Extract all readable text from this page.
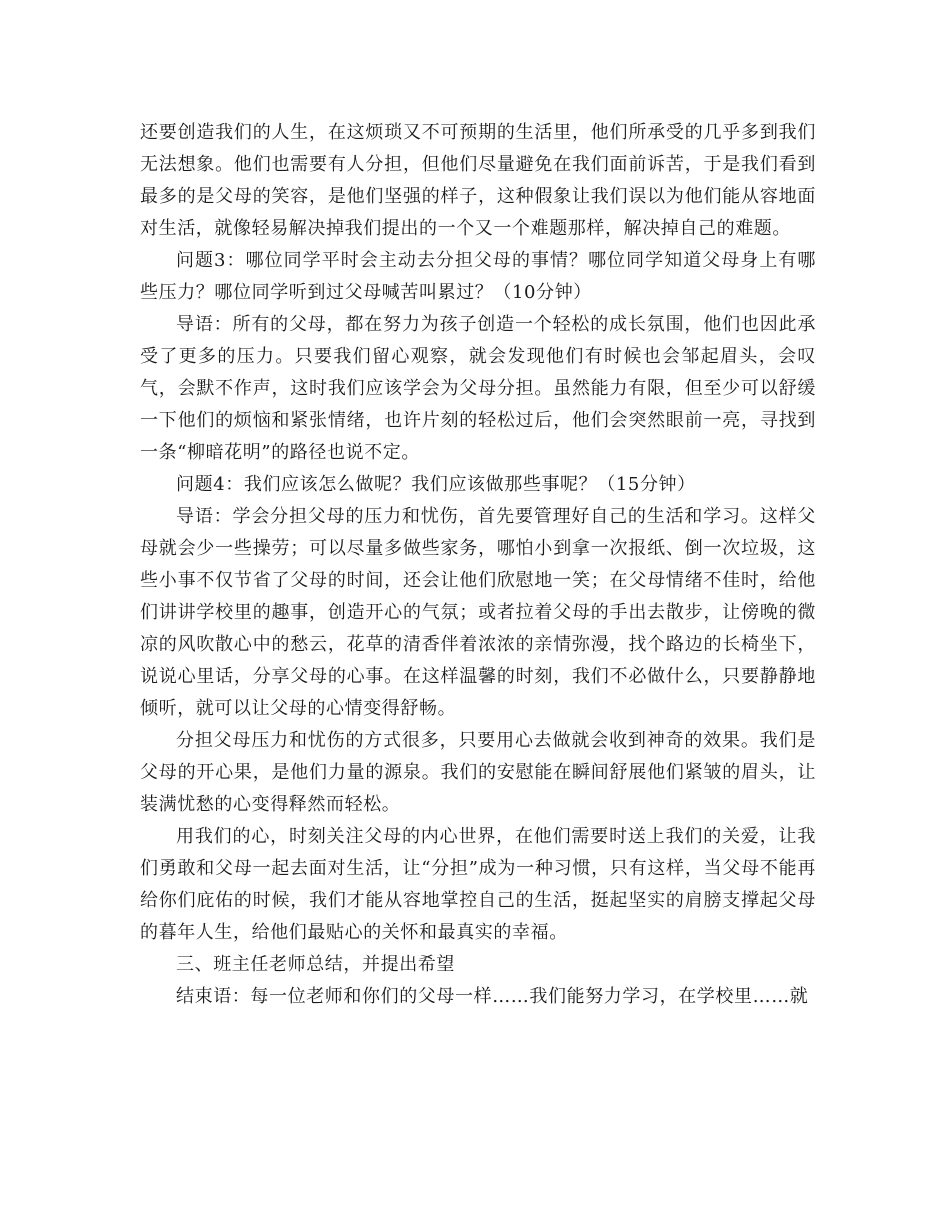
还要创造我们的人生，在这烦琐又不可预期的生活里，他们所承受的几乎多到我们无法想象。他们也需要有人分担，但他们尽量避免在我们面前诉苦，于是我们看到最多的是父母的笑容，是他们坚强的样子，这种假象让我们误以为他们能从容地面对生活，就像轻易解决掉我们提出的一个又一个难题那样，解决掉自己的难题。

问题3：哪位同学平时会主动去分担父母的事情？哪位同学知道父母身上有哪些压力？哪位同学听到过父母喊苦叫累过？（10分钟）

导语：所有的父母，都在努力为孩子创造一个轻松的成长氛围，他们也因此承受了更多的压力。只要我们留心观察，就会发现他们有时候也会邹起眉头，会叹气，会默不作声，这时我们应该学会为父母分担。虽然能力有限，但至少可以舒缓一下他们的烦恼和紧张情绪，也许片刻的轻松过后，他们会突然眼前一亮，寻找到一条“柳暗花明”的路径也说不定。

问题4：我们应该怎么做呢？我们应该做那些事呢？（15分钟）

导语：学会分担父母的压力和忧伤，首先要管理好自己的生活和学习。这样父母就会少一些操劳；可以尽量多做些家务，哪怕小到拿一次报纸、倒一次垃圾，这些小事不仅节省了父母的时间，还会让他们欣慰地一笑；在父母情绪不佳时，给他们讲讲学校里的趣事，创造开心的气氛；或者拉着父母的手出去散步，让傍晚的微凉的风吹散心中的愁云，花草的清香伴着浓浓的亲情弥漫，找个路边的长椅坐下，说说心里话，分享父母的心事。在这样温馨的时刻，我们不必做什么，只要静静地倾听，就可以让父母的心情变得舒畅。

分担父母压力和忧伤的方式很多，只要用心去做就会收到神奇的效果。我们是父母的开心果，是他们力量的源泉。我们的安慰能在瞬间舒展他们紧皱的眉头，让装满忧愁的心变得释然而轻松。

用我们的心，时刻关注父母的内心世界，在他们需要时送上我们的关爱，让我们勇敢和父母一起去面对生活，让“分担”成为一种习惯，只有这样，当父母不能再给你们庇佑的时候，我们才能从容地掌控自己的生活，挺起坚实的肩膀支撑起父母的暮年人生，给他们最贴心的关怀和最真实的幸福。

三、班主任老师总结，并提出希望

结束语：每一位老师和你们的父母一样……我们能努力学习，在学校里……就
